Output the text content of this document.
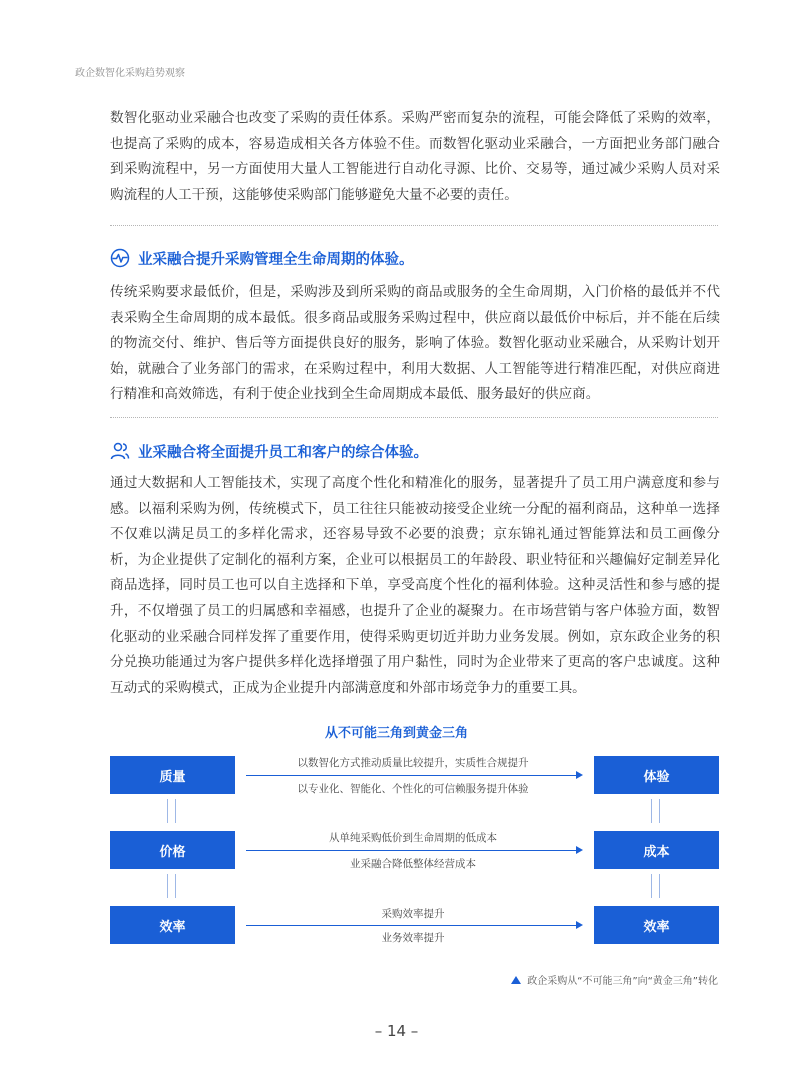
政企数智化采购趋势观察

数智化驱动业采融合也改变了采购的责任体系。采购严密而复杂的流程，可能会降低了采购的效率，也提高了采购的成本，容易造成相关各方体验不佳。而数智化驱动业采融合，一方面把业务部门融合到采购流程中，另一方面使用大量人工智能进行自动化寻源、比价、交易等，通过减少采购人员对采购流程的人工干预，这能够使采购部门能够避免大量不必要的责任。

业采融合提升采购管理全生命周期的体验。

传统采购要求最低价，但是，采购涉及到所采购的商品或服务的全生命周期，入门价格的最低并不代表采购全生命周期的成本最低。很多商品或服务采购过程中，供应商以最低价中标后，并不能在后续的物流交付、维护、售后等方面提供良好的服务，影响了体验。数智化驱动业采融合，从采购计划开始，就融合了业务部门的需求，在采购过程中，利用大数据、人工智能等进行精准匹配，对供应商进行精准和高效筛选，有利于使企业找到全生命周期成本最低、服务最好的供应商。

业采融合将全面提升员工和客户的综合体验。

通过大数据和人工智能技术，实现了高度个性化和精准化的服务，显著提升了员工用户满意度和参与感。以福利采购为例，传统模式下，员工往往只能被动接受企业统一分配的福利商品，这种单一选择不仅难以满足员工的多样化需求，还容易导致不必要的浪费；京东锦礼通过智能算法和员工画像分析，为企业提供了定制化的福利方案，企业可以根据员工的年龄段、职业特征和兴趣偏好定制差异化商品选择，同时员工也可以自主选择和下单，享受高度个性化的福利体验。这种灵活性和参与感的提升，不仅增强了员工的归属感和幸福感，也提升了企业的凝聚力。在市场营销与客户体验方面，数智化驱动的业采融合同样发挥了重要作用，使得采购更切近并助力业务发展。例如，京东政企业务的积分兑换功能通过为客户提供多样化选择增强了用户黏性，同时为企业带来了更高的客户忠诚度。这种互动式的采购模式，正成为企业提升内部满意度和外部市场竞争力的重要工具。

从不可能三角到黄金三角
质量
价格
效率
体验
成本
效率
以数智化方式推动质量比较提升，实质性合规提升
以专业化、智能化、个性化的可信赖服务提升体验
从单纯采购低价到生命周期的低成本
业采融合降低整体经营成本
采购效率提升
业务效率提升
政企采购从“不可能三角”向“黄金三角”转化
– 14 –
